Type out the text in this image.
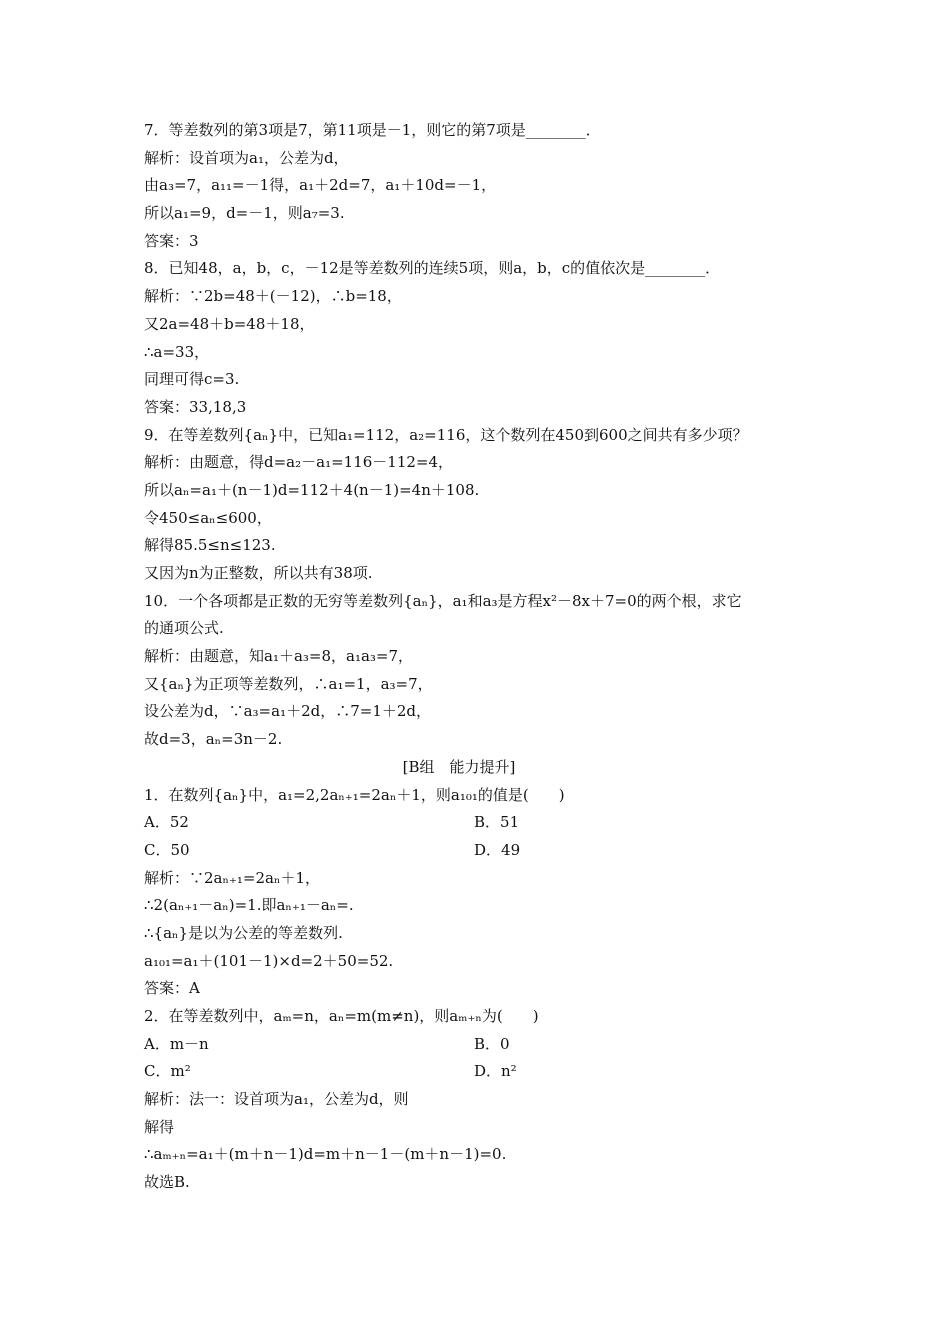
7．等差数列的第3项是7，第11项是－1，则它的第7项是________．
解析：设首项为a₁，公差为d，
由a₃=7，a₁₁=－1得，a₁＋2d=7，a₁＋10d=－1，
所以a₁=9，d=－1，则a₇=3.
答案：3
8．已知48，a，b，c，－12是等差数列的连续5项，则a，b，c的值依次是________．
解析：∵2b=48＋(－12)，∴b=18，
又2a=48＋b=48＋18，
∴a=33，
同理可得c=3.
答案：33,18,3
9．在等差数列{aₙ}中，已知a₁=112，a₂=116，这个数列在450到600之间共有多少项？
解析：由题意，得d=a₂－a₁=116－112=4，
所以aₙ=a₁＋(n－1)d=112＋4(n－1)=4n＋108.
令450≤aₙ≤600，
解得85.5≤n≤123.
又因为n为正整数，所以共有38项.
10．一个各项都是正数的无穷等差数列{aₙ}，a₁和a₃是方程x²－8x＋7=0的两个根，求它
的通项公式.
解析：由题意，知a₁＋a₃=8，a₁a₃=7，
又{aₙ}为正项等差数列，∴a₁=1，a₃=7，
设公差为d，∵a₃=a₁＋2d，∴7=1＋2d，
故d=3，aₙ=3n－2.
[B组　能力提升]
1．在数列{aₙ}中，a₁=2,2aₙ₊₁=2aₙ＋1，则a₁₀₁的值是(　　)
A．52	B．51
C．50	D．49
解析：∵2aₙ₊₁=2aₙ＋1，
∴2(aₙ₊₁－aₙ)=1.即aₙ₊₁－aₙ=.
∴{aₙ}是以为公差的等差数列.
a₁₀₁=a₁＋(101－1)×d=2＋50=52.
答案：A
2．在等差数列中，aₘ=n，aₙ=m(m≠n)，则aₘ₊ₙ为(　　)
A．m－n	B．0
C．m²	D．n²
解析：法一：设首项为a₁，公差为d，则
解得
∴aₘ₊ₙ=a₁＋(m＋n－1)d=m＋n－1－(m＋n－1)=0.
故选B.
